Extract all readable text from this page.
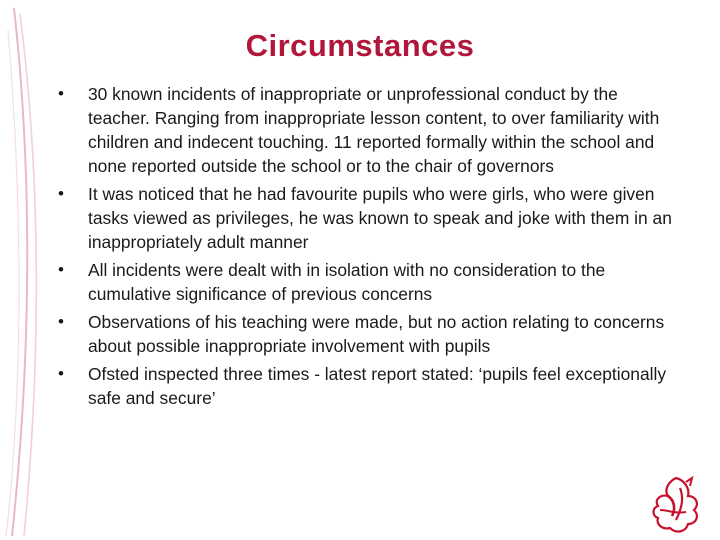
Circumstances
• 30 known incidents of inappropriate or unprofessional conduct by the teacher. Ranging from inappropriate lesson content, to over familiarity with children and indecent touching. 11 reported formally within the school and none reported outside the school or to the chair of governors
• It was noticed that he had favourite pupils who were girls, who were given tasks viewed as privileges, he was known to speak and joke with them in an inappropriately adult manner
• All incidents were dealt with in isolation with no consideration to the cumulative significance of previous concerns
• Observations of his teaching were made, but no action relating to concerns about possible inappropriate involvement with pupils
• Ofsted inspected three times - latest report stated: ‘pupils feel exceptionally safe and secure’
